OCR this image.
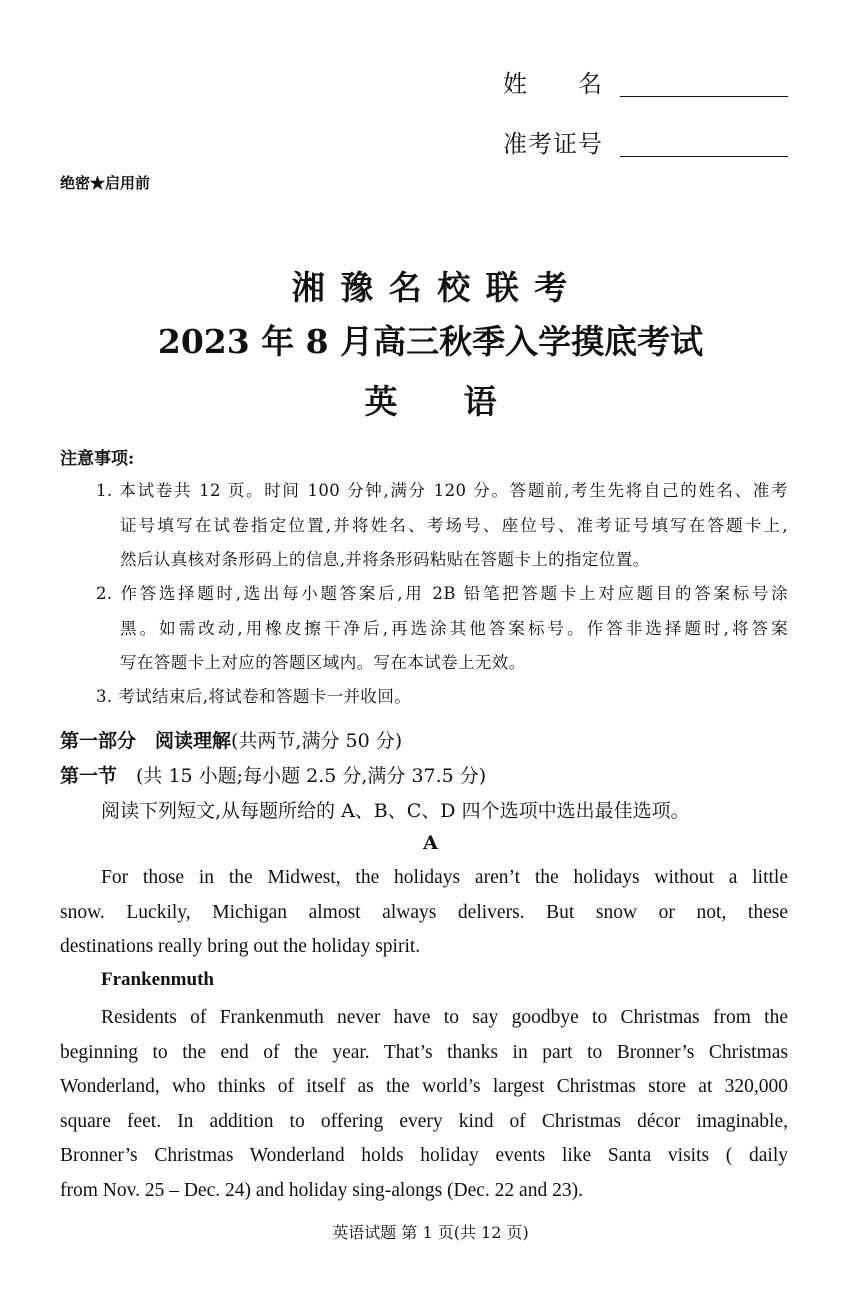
姓　　名
准考证号
绝密★启用前
湘 豫 名 校 联 考
2023 年 8 月高三秋季入学摸底考试
英　　语
注意事项:
1. 本试卷共 12 页。时间 100 分钟,满分 120 分。答题前,考生先将自己的姓名、准考
证号填写在试卷指定位置,并将姓名、考场号、座位号、准考证号填写在答题卡上,
然后认真核对条形码上的信息,并将条形码粘贴在答题卡上的指定位置。
2. 作答选择题时,选出每小题答案后,用 2B 铅笔把答题卡上对应题目的答案标号涂
黑。如需改动,用橡皮擦干净后,再选涂其他答案标号。作答非选择题时,将答案
写在答题卡上对应的答题区域内。写在本试卷上无效。
3. 考试结束后,将试卷和答题卡一并收回。
第一部分　阅读理解(共两节,满分 50 分)
第一节　(共 15 小题;每小题 2.5 分,满分 37.5 分)
阅读下列短文,从每题所给的 A、B、C、D 四个选项中选出最佳选项。
A
For those in the Midwest, the holidays aren’t the holidays without a little
snow. Luckily, Michigan almost always delivers. But snow or not, these
destinations really bring out the holiday spirit.
Frankenmuth
Residents of Frankenmuth never have to say goodbye to Christmas from the
beginning to the end of the year. That’s thanks in part to Bronner’s Christmas
Wonderland, who thinks of itself as the world’s largest Christmas store at 320,000
square feet. In addition to offering every kind of Christmas décor imaginable,
Bronner’s Christmas Wonderland holds holiday events like Santa visits ( daily
from Nov. 25 – Dec. 24) and holiday sing-alongs (Dec. 22 and 23).
英语试题 第 1 页(共 12 页)
